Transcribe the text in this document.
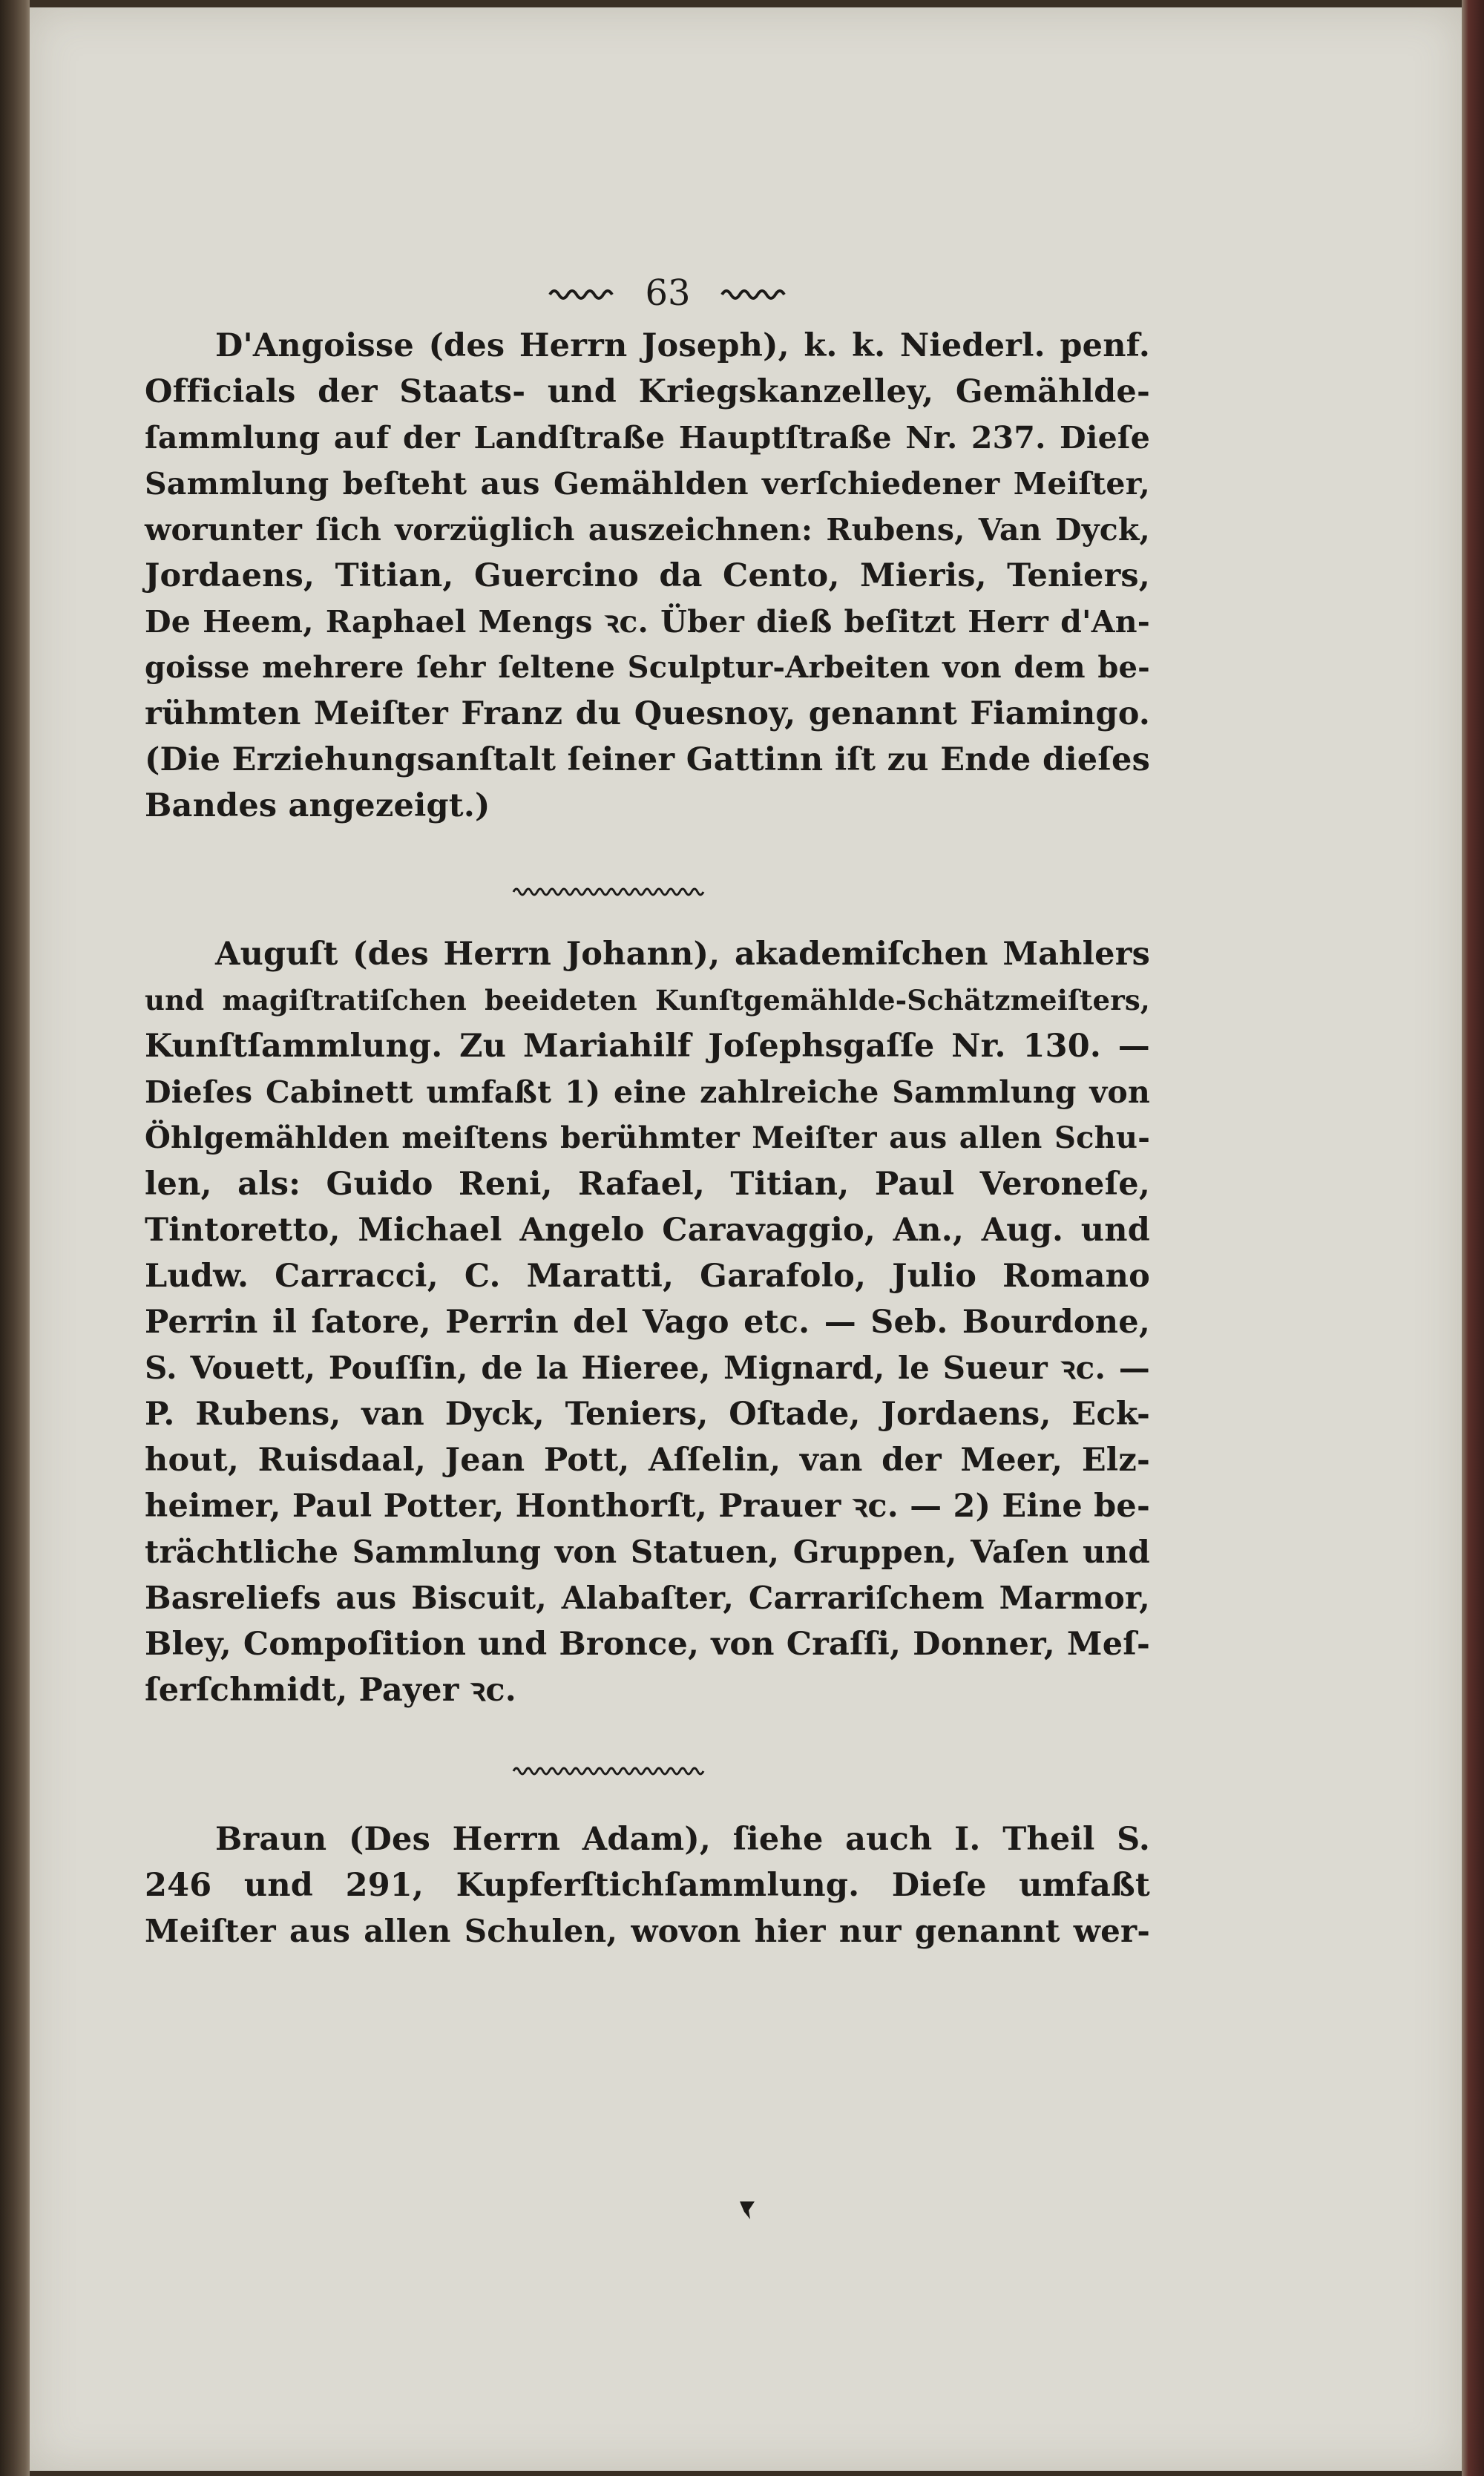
63
D'Angoisse (des Herrn Joseph), k. k. Niederl. penf.
Officials der Staats- und Kriegskanzelley, Gemählde-
ſammlung auf der Landſtraße Hauptſtraße Nr. 237. Dieſe
Sammlung beſteht aus Gemählden verſchiedener Meiſter,
worunter ſich vorzüglich auszeichnen: Rubens, Van Dyck,
Jordaens, Titian, Guercino da Cento, Mieris, Teniers,
De Heem, Raphael Mengs ꝛc. Über dieß beſitzt Herr d'An-
goisse mehrere ſehr ſeltene Sculptur-Arbeiten von dem be-
rühmten Meiſter Franz du Quesnoy, genannt Fiamingo.
(Die Erziehungsanſtalt ſeiner Gattinn iſt zu Ende dieſes
Bandes angezeigt.)
Auguſt (des Herrn Johann), akademiſchen Mahlers
und magiſtratiſchen beeideten Kunſtgemählde-Schätzmeiſters,
Kunſtſammlung. Zu Mariahilf Joſephsgaſſe Nr. 130. —
Dieſes Cabinett umfaßt 1) eine zahlreiche Sammlung von
Öhlgemählden meiſtens berühmter Meiſter aus allen Schu-
len, als: Guido Reni, Rafael, Titian, Paul Veroneſe,
Tintoretto, Michael Angelo Caravaggio, An., Aug. und
Ludw. Carracci, C. Maratti, Garafolo, Julio Romano
Perrin il ſatore, Perrin del Vago etc. — Seb. Bourdone,
S. Vouett, Pouſſin, de la Hieree, Mignard, le Sueur ꝛc. —
P. Rubens, van Dyck, Teniers, Oſtade, Jordaens, Eck-
hout, Ruisdaal, Jean Pott, Aſſelin, van der Meer, Elz-
heimer, Paul Potter, Honthorſt, Prauer ꝛc. — 2) Eine be-
trächtliche Sammlung von Statuen, Gruppen, Vaſen und
Basreliefs aus Biscuit, Alabaſter, Carrariſchem Marmor,
Bley, Compoſition und Bronce, von Craſſi, Donner, Meſ-
ſerſchmidt, Payer ꝛc.
Braun (Des Herrn Adam), ſiehe auch I. Theil S.
246 und 291, Kupferſtichſammlung. Dieſe umfaßt
Meiſter aus allen Schulen, wovon hier nur genannt wer-
